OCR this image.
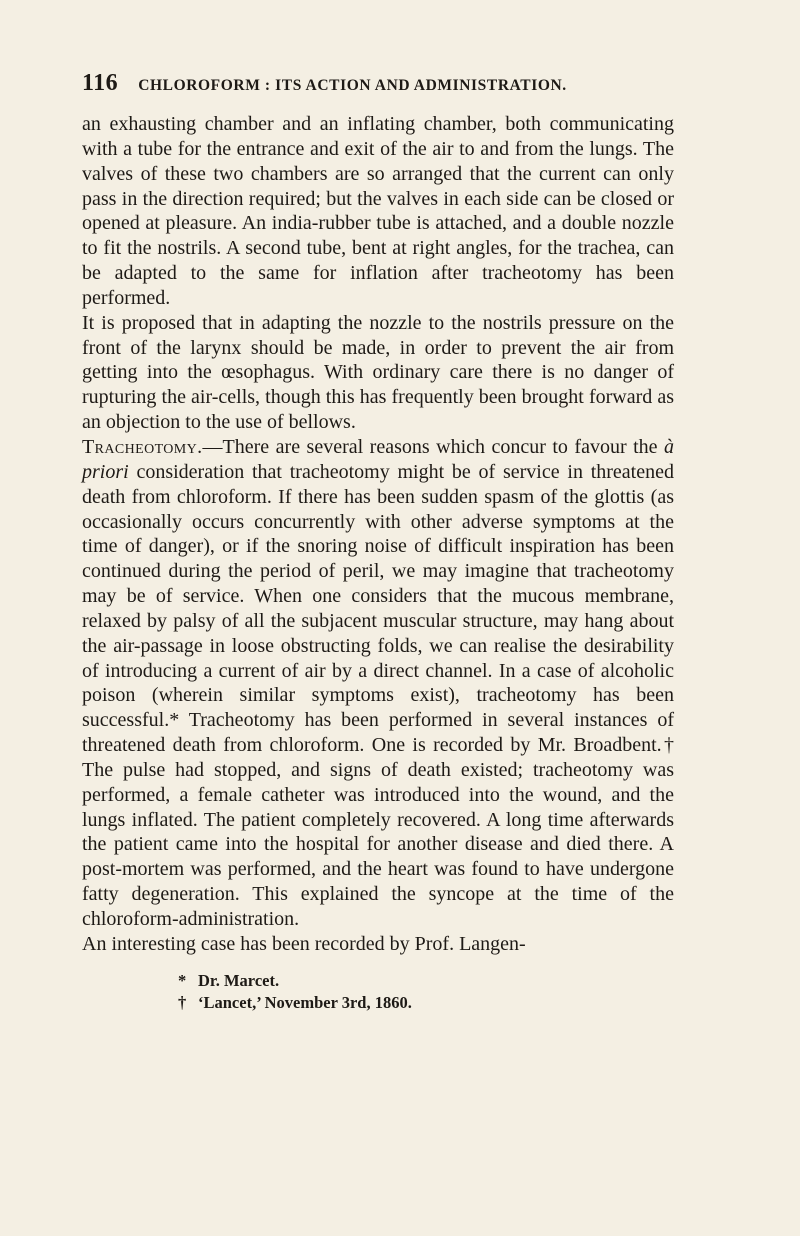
116 CHLOROFORM : ITS ACTION AND ADMINISTRATION.

an exhausting chamber and an inflating chamber, both communicating with a tube for the entrance and exit of the air to and from the lungs. The valves of these two chambers are so arranged that the current can only pass in the direction required; but the valves in each side can be closed or opened at pleasure. An india-rubber tube is attached, and a double nozzle to fit the nostrils. A second tube, bent at right angles, for the trachea, can be adapted to the same for inflation after tracheotomy has been performed.

It is proposed that in adapting the nozzle to the nostrils pressure on the front of the larynx should be made, in order to prevent the air from getting into the œsophagus. With ordinary care there is no danger of rupturing the air-cells, though this has frequently been brought forward as an objection to the use of bellows.

Tracheotomy.—There are several reasons which concur to favour the à priori consideration that tracheotomy might be of service in threatened death from chloroform. If there has been sudden spasm of the glottis (as occasionally occurs concurrently with other adverse symptoms at the time of danger), or if the snoring noise of difficult inspiration has been continued during the period of peril, we may imagine that tracheotomy may be of service. When one considers that the mucous membrane, relaxed by palsy of all the subjacent muscular structure, may hang about the air-passage in loose obstructing folds, we can realise the desirability of introducing a current of air by a direct channel. In a case of alcoholic poison (wherein similar symptoms exist), tracheotomy has been successful.* Tracheotomy has been performed in several instances of threatened death from chloroform. One is recorded by Mr. Broadbent.† The pulse had stopped, and signs of death existed; tracheotomy was performed, a female catheter was introduced into the wound, and the lungs inflated. The patient completely recovered. A long time afterwards the patient came into the hospital for another disease and died there. A post-mortem was performed, and the heart was found to have undergone fatty degeneration. This explained the syncope at the time of the chloroform-administration.

An interesting case has been recorded by Prof. Langen-

* Dr. Marcet.
† ‘Lancet,’ November 3rd, 1860.
